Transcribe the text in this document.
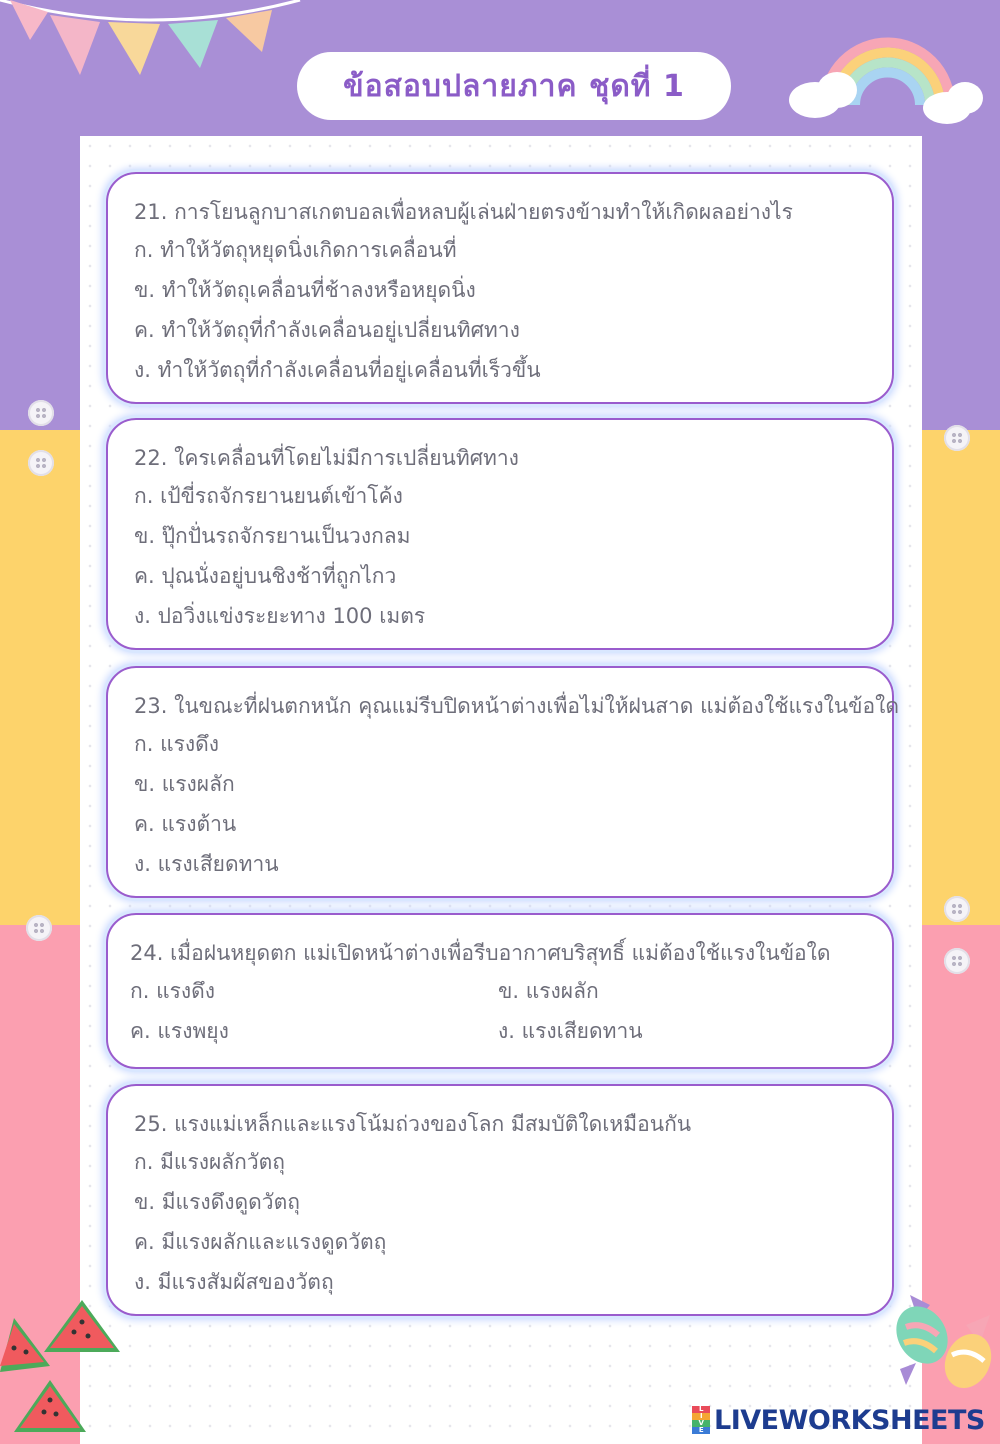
ข้อสอบปลายภาค ชุดที่ 1
21. การโยนลูกบาสเกตบอลเพื่อหลบผู้เล่นฝ่ายตรงข้ามทำให้เกิดผลอย่างไร
ก. ทำให้วัตถุหยุดนิ่งเกิดการเคลื่อนที่
ข. ทำให้วัตถุเคลื่อนที่ช้าลงหรือหยุดนิ่ง
ค. ทำให้วัตถุที่กำลังเคลื่อนอยู่เปลี่ยนทิศทาง
ง. ทำให้วัตถุที่กำลังเคลื่อนที่อยู่เคลื่อนที่เร็วขึ้น
22. ใครเคลื่อนที่โดยไม่มีการเปลี่ยนทิศทาง
ก. เป้ขี่รถจักรยานยนต์เข้าโค้ง
ข. ปุ๊กปั่นรถจักรยานเป็นวงกลม
ค. ปุณนั่งอยู่บนชิงช้าที่ถูกไกว
ง. ปอวิ่งแข่งระยะทาง 100 เมตร
23. ในขณะที่ฝนตกหนัก คุณแม่รีบปิดหน้าต่างเพื่อไม่ให้ฝนสาด แม่ต้องใช้แรงในข้อใด
ก. แรงดึง
ข. แรงผลัก
ค. แรงต้าน
ง. แรงเสียดทาน
24. เมื่อฝนหยุดตก แม่เปิดหน้าต่างเพื่อรีบอากาศบริสุทธิ์ แม่ต้องใช้แรงในข้อใด
ก. แรงดึง	ข. แรงผลัก
ค. แรงพยุง	ง. แรงเสียดทาน
25. แรงแม่เหล็กและแรงโน้มถ่วงของโลก มีสมบัติใดเหมือนกัน
ก. มีแรงผลักวัตถุ
ข. มีแรงดึงดูดวัตถุ
ค. มีแรงผลักและแรงดูดวัตถุ
ง. มีแรงสัมผัสของวัตถุ
L
I
V
E LIVEWORKSHEETS
